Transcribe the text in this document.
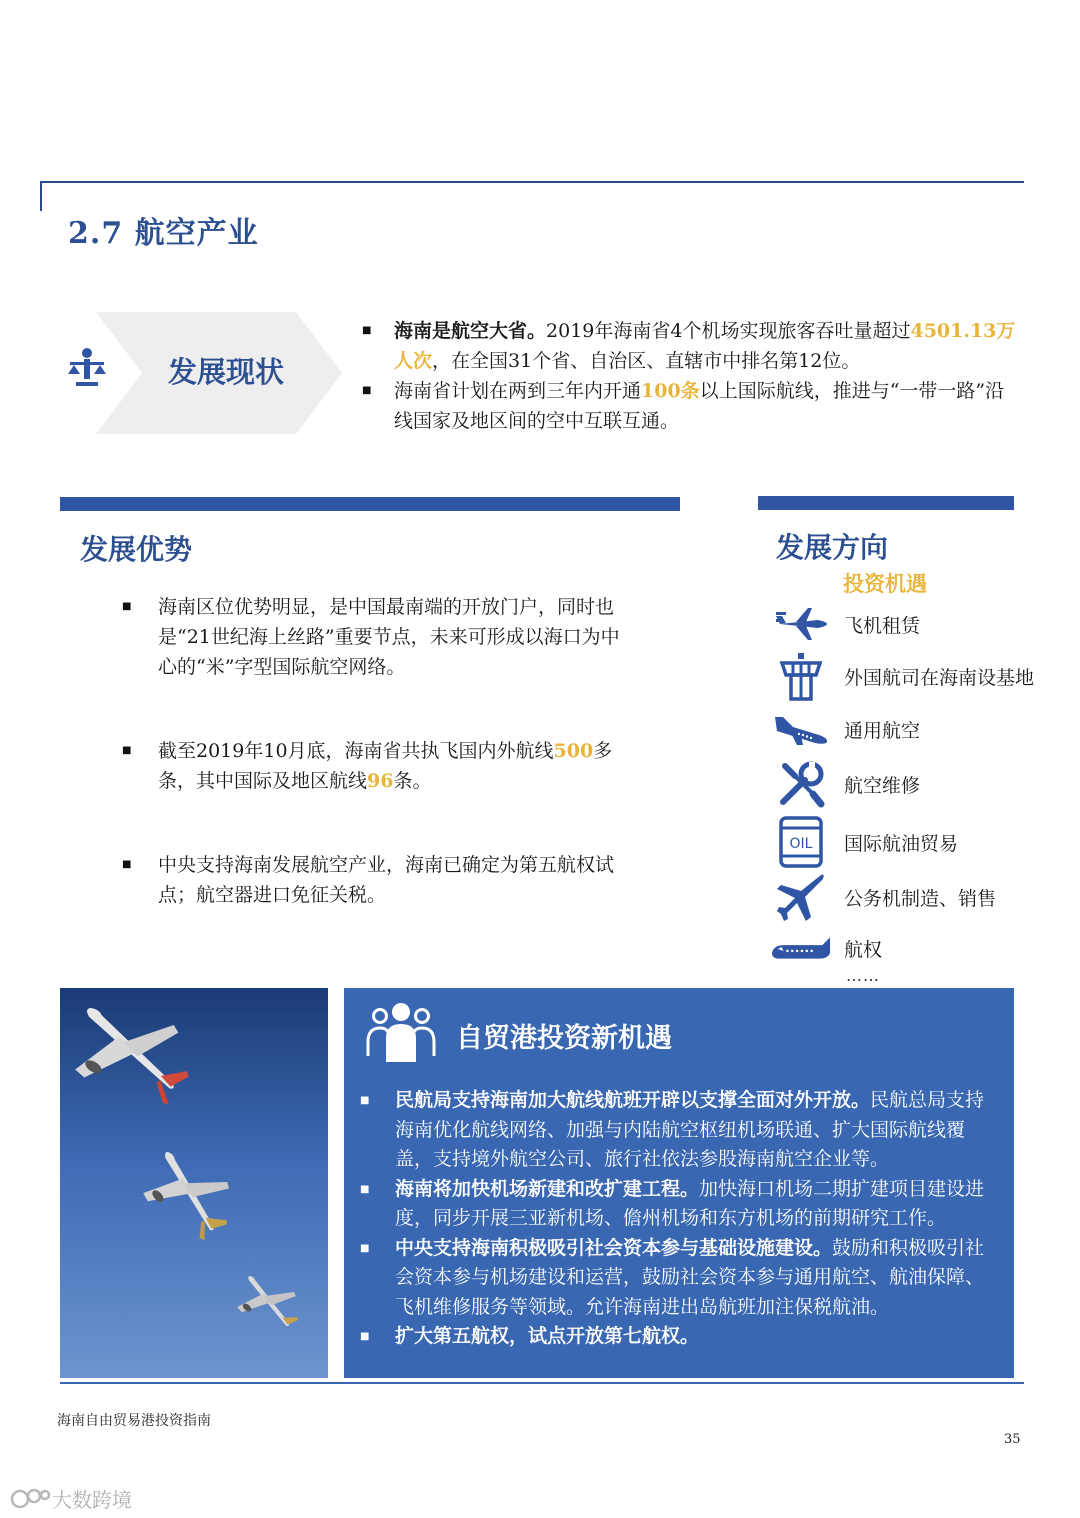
2.7 航空产业
发展现状
■ 海南是航空大省。2019年海南省4个机场实现旅客吞吐量超过4501.13万人次，在全国31个省、自治区、直辖市中排名第12位。
■ 海南省计划在两到三年内开通100条以上国际航线，推进与“一带一路”沿线国家及地区间的空中互联互通。
发展优势
■ 海南区位优势明显，是中国最南端的开放门户，同时也是“21世纪海上丝路”重要节点，未来可形成以海口为中心的“米”字型国际航空网络。
■ 截至2019年10月底，海南省共执飞国内外航线500多条，其中国际及地区航线96条。
■ 中央支持海南发展航空产业，海南已确定为第五航权试点；航空器进口免征关税。
发展方向
投资机遇
飞机租赁
外国航司在海南设基地
通用航空
航空维修
OIL 国际航油贸易
公务机制造、销售
航权
……
自贸港投资新机遇
■ 民航局支持海南加大航线航班开辟以支撑全面对外开放。民航总局支持海南优化航线网络、加强与内陆航空枢纽机场联通、扩大国际航线覆盖，支持境外航空公司、旅行社依法参股海南航空企业等。
■ 海南将加快机场新建和改扩建工程。加快海口机场二期扩建项目建设进度，同步开展三亚新机场、儋州机场和东方机场的前期研究工作。
■ 中央支持海南积极吸引社会资本参与基础设施建设。鼓励和积极吸引社会资本参与机场建设和运营，鼓励社会资本参与通用航空、航油保障、飞机维修服务等领域。允许海南进出岛航班加注保税航油。
■ 扩大第五航权，试点开放第七航权。
海南自由贸易港投资指南
35
大数跨境
